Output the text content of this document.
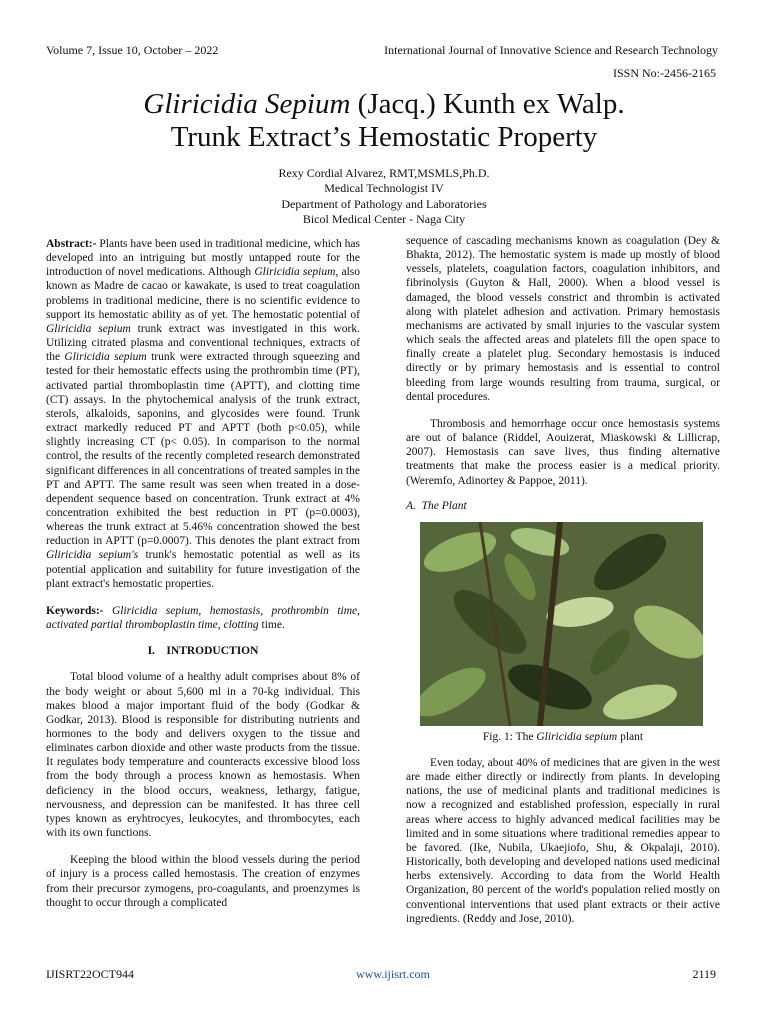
Volume 7, Issue 10, October – 2022	International Journal of Innovative Science and Research Technology
ISSN No:-2456-2165
Gliricidia Sepium (Jacq.) Kunth ex Walp.
Trunk Extract’s Hemostatic Property
Rexy Cordial Alvarez, RMT,MSMLS,Ph.D.
Medical Technologist IV
Department of Pathology and Laboratories
Bicol Medical Center - Naga City

Abstract:- Plants have been used in traditional medicine, which has developed into an intriguing but mostly untapped route for the introduction of novel medications. Although Gliricidia sepium, also known as Madre de cacao or kawakate, is used to treat coagulation problems in traditional medicine, there is no scientific evidence to support its hemostatic ability as of yet. The hemostatic potential of Gliricidia sepium trunk extract was investigated in this work. Utilizing citrated plasma and conventional techniques, extracts of the Gliricidia sepium trunk were extracted through squeezing and tested for their hemostatic effects using the prothrombin time (PT), activated partial thromboplastin time (APTT), and clotting time (CT) assays. In the phytochemical analysis of the trunk extract, sterols, alkaloids, saponins, and glycosides were found. Trunk extract markedly reduced PT and APTT (both p<0.05), while slightly increasing CT (p< 0.05). In comparison to the normal control, the results of the recently completed research demonstrated significant differences in all concentrations of treated samples in the PT and APTT. The same result was seen when treated in a dose-dependent sequence based on concentration. Trunk extract at 4% concentration exhibited the best reduction in PT (p=0.0003), whereas the trunk extract at 5.46% concentration showed the best reduction in APTT (p=0.0007). This denotes the plant extract from Gliricidia sepium's trunk's hemostatic potential as well as its potential application and suitability for future investigation of the plant extract's hemostatic properties.

Keywords:- Gliricidia sepium, hemostasis, prothrombin time, activated partial thromboplastin time, clotting time.

I.    INTRODUCTION

Total blood volume of a healthy adult comprises about 8% of the body weight or about 5,600 ml in a 70-kg individual. This makes blood a major important fluid of the body (Godkar & Godkar, 2013). Blood is responsible for distributing nutrients and hormones to the body and delivers oxygen to the tissue and eliminates carbon dioxide and other waste products from the tissue. It regulates body temperature and counteracts excessive blood loss from the body through a process known as hemostasis. When deficiency in the blood occurs, weakness, lethargy, fatigue, nervousness, and depression can be manifested. It has three cell types known as eryhtrocyes, leukocytes, and thrombocytes, each with its own functions.

Keeping the blood within the blood vessels during the period of injury is a process called hemostasis. The creation of enzymes from their precursor zymogens, pro-coagulants, and proenzymes is thought to occur through a complicated

sequence of cascading mechanisms known as coagulation (Dey & Bhakta, 2012). The hemostatic system is made up mostly of blood vessels, platelets, coagulation factors, coagulation inhibitors, and fibrinolysis (Guyton & Hall, 2000). When a blood vessel is damaged, the blood vessels constrict and thrombin is activated along with platelet adhesion and activation. Primary hemostasis mechanisms are activated by small injuries to the vascular system which seals the affected areas and platelets fill the open space to finally create a platelet plug. Secondary hemostasis is induced directly or by primary hemostasis and is essential to control bleeding from large wounds resulting from trauma, surgical, or dental procedures.

Thrombosis and hemorrhage occur once hemostasis systems are out of balance (Riddel, Aouizerat, Miaskowski & Lillicrap, 2007). Hemostasis can save lives, thus finding alternative treatments that make the process easier is a medical priority. (Weremfo, Adinortey & Pappoe, 2011).

A.  The Plant

Fig. 1: The Gliricidia sepium plant

Even today, about 40% of medicines that are given in the west are made either directly or indirectly from plants. In developing nations, the use of medicinal plants and traditional medicines is now a recognized and established profession, especially in rural areas where access to highly advanced medical facilities may be limited and in some situations where traditional remedies appear to be favored. (Ike, Nubila, Ukaejiofo, Shu, & Okpalaji, 2010). Historically, both developing and developed nations used medicinal herbs extensively. According to data from the World Health Organization, 80 percent of the world's population relied mostly on conventional interventions that used plant extracts or their active ingredients. (Reddy and Jose, 2010).

IJISRT22OCT944	www.ijisrt.com	2119
